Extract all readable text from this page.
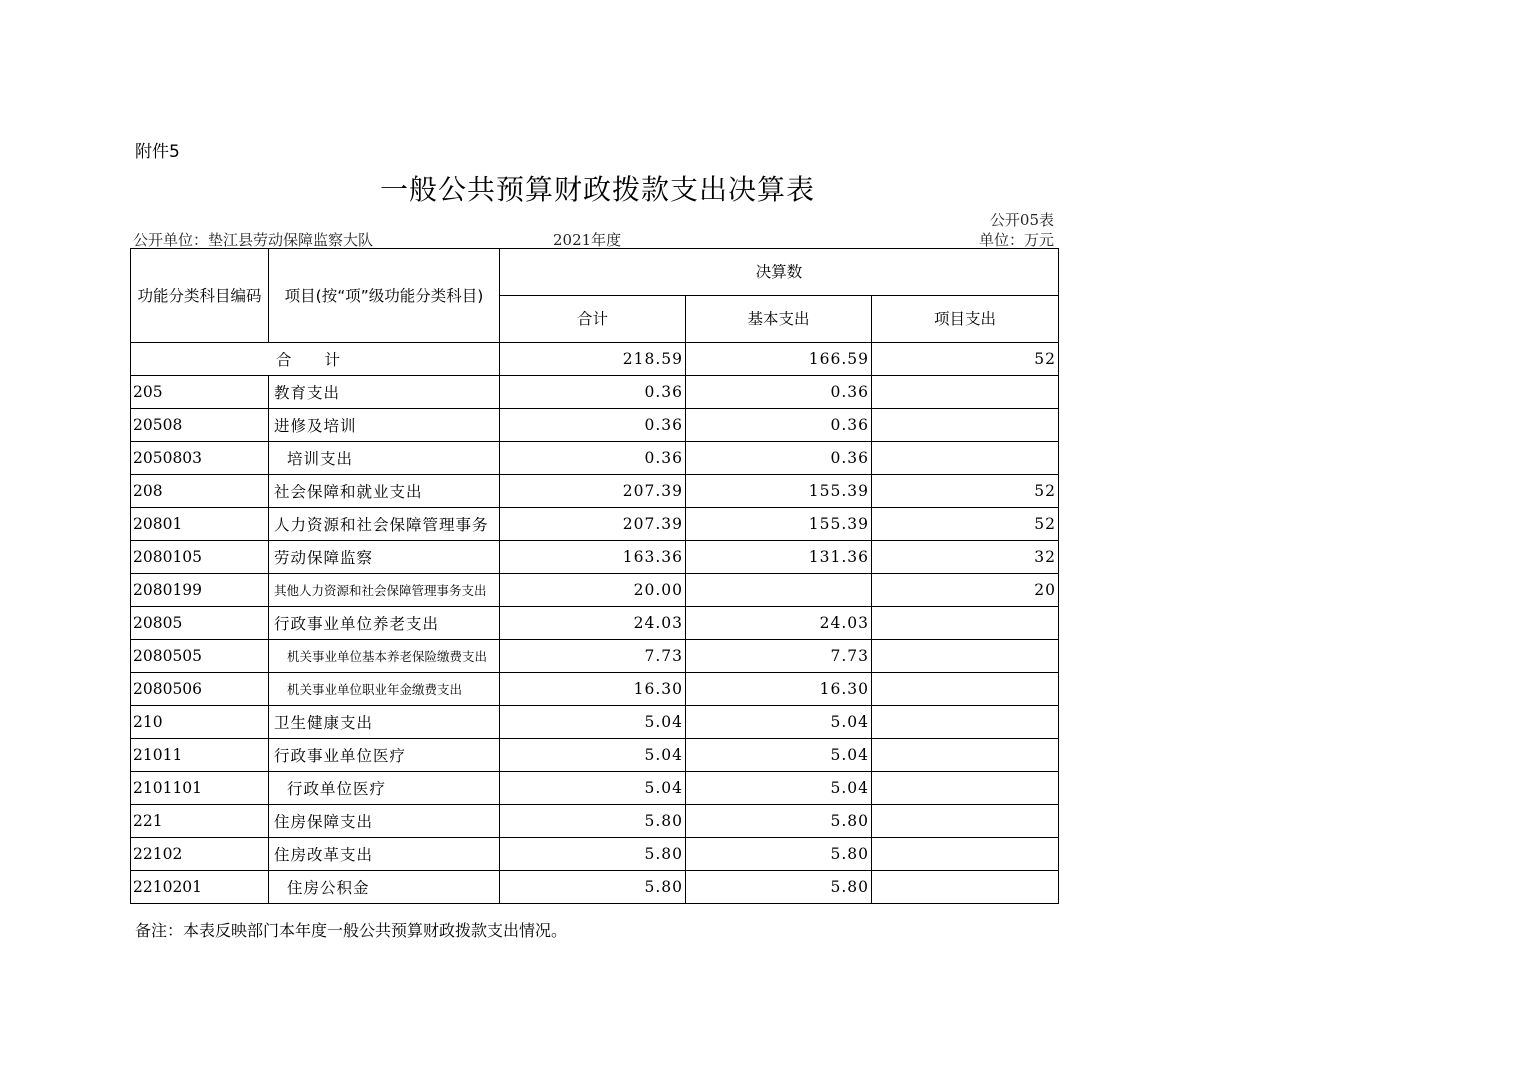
附件5
一般公共预算财政拨款支出决算表
公开05表
公开单位：垫江县劳动保障监察大队	2021年度	单位：万元
功能分类科目编码	项目(按“项”级功能分类科目)	决算数		
		合计	基本支出	项目支出
合 计		218.59	166.59	52
205	教育支出	0.36	0.36	
20508	进修及培训	0.36	0.36	
2050803	培训支出	0.36	0.36	
208	社会保障和就业支出	207.39	155.39	52
20801	人力资源和社会保障管理事务	207.39	155.39	52
2080105	劳动保障监察	163.36	131.36	32
2080199	其他人力资源和社会保障管理事务支出	20.00		20
20805	行政事业单位养老支出	24.03	24.03	
2080505	机关事业单位基本养老保险缴费支出	7.73	7.73	
2080506	机关事业单位职业年金缴费支出	16.30	16.30	
210	卫生健康支出	5.04	5.04	
21011	行政事业单位医疗	5.04	5.04	
2101101	行政单位医疗	5.04	5.04	
221	住房保障支出	5.80	5.80	
22102	住房改革支出	5.80	5.80	
2210201	住房公积金	5.80	5.80	
备注：本表反映部门本年度一般公共预算财政拨款支出情况。
